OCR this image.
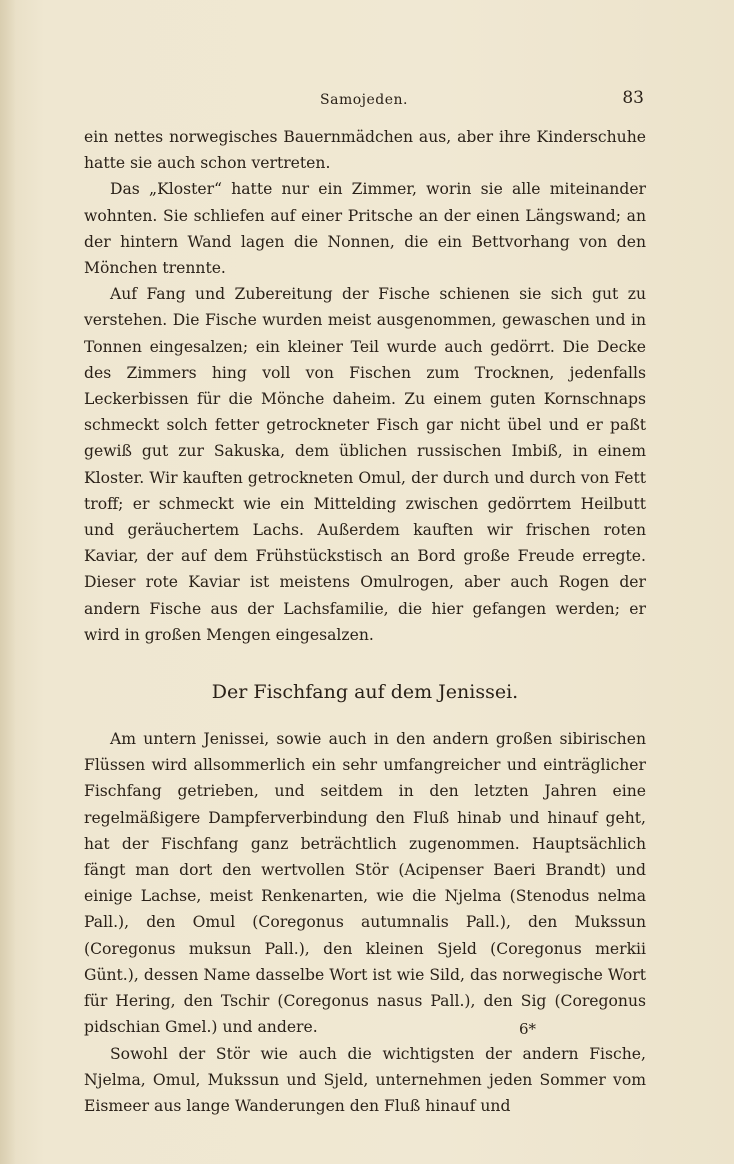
Samojeden.	83

ein nettes norwegisches Bauernmädchen aus, aber ihre Kinderschuhe hatte sie auch schon vertreten.

Das „Kloster“ hatte nur ein Zimmer, worin sie alle miteinander wohnten. Sie schliefen auf einer Pritsche an der einen Längswand; an der hintern Wand lagen die Nonnen, die ein Bettvorhang von den Mönchen trennte.

Auf Fang und Zubereitung der Fische schienen sie sich gut zu verstehen. Die Fische wurden meist ausgenommen, gewaschen und in Tonnen eingesalzen; ein kleiner Teil wurde auch gedörrt. Die Decke des Zimmers hing voll von Fischen zum Trocknen, jedenfalls Leckerbissen für die Mönche daheim. Zu einem guten Kornschnaps schmeckt solch fetter getrockneter Fisch gar nicht übel und er paßt gewiß gut zur Sakuska, dem üblichen russischen Imbiß, in einem Kloster. Wir kauften getrockneten Omul, der durch und durch von Fett troff; er schmeckt wie ein Mittelding zwischen gedörrtem Heilbutt und geräuchertem Lachs. Außerdem kauften wir frischen roten Kaviar, der auf dem Frühstückstisch an Bord große Freude erregte. Dieser rote Kaviar ist meistens Omulrogen, aber auch Rogen der andern Fische aus der Lachsfamilie, die hier gefangen werden; er wird in großen Mengen eingesalzen.

Der Fischfang auf dem Jenissei.

Am untern Jenissei, sowie auch in den andern großen sibirischen Flüssen wird allsommerlich ein sehr umfangreicher und einträglicher Fischfang getrieben, und seitdem in den letzten Jahren eine regelmäßigere Dampferverbindung den Fluß hinab und hinauf geht, hat der Fischfang ganz beträchtlich zugenommen. Hauptsächlich fängt man dort den wertvollen Stör (Acipenser Baeri Brandt) und einige Lachse, meist Renkenarten, wie die Njelma (Stenodus nelma Pall.), den Omul (Coregonus autumnalis Pall.), den Mukssun (Coregonus muksun Pall.), den kleinen Sjeld (Coregonus merkii Günt.), dessen Name dasselbe Wort ist wie Sild, das norwegische Wort für Hering, den Tschir (Coregonus nasus Pall.), den Sig (Coregonus pidschian Gmel.) und andere.

Sowohl der Stör wie auch die wichtigsten der andern Fische, Njelma, Omul, Mukssun und Sjeld, unternehmen jeden Sommer vom Eismeer aus lange Wanderungen den Fluß hinauf und

6*
